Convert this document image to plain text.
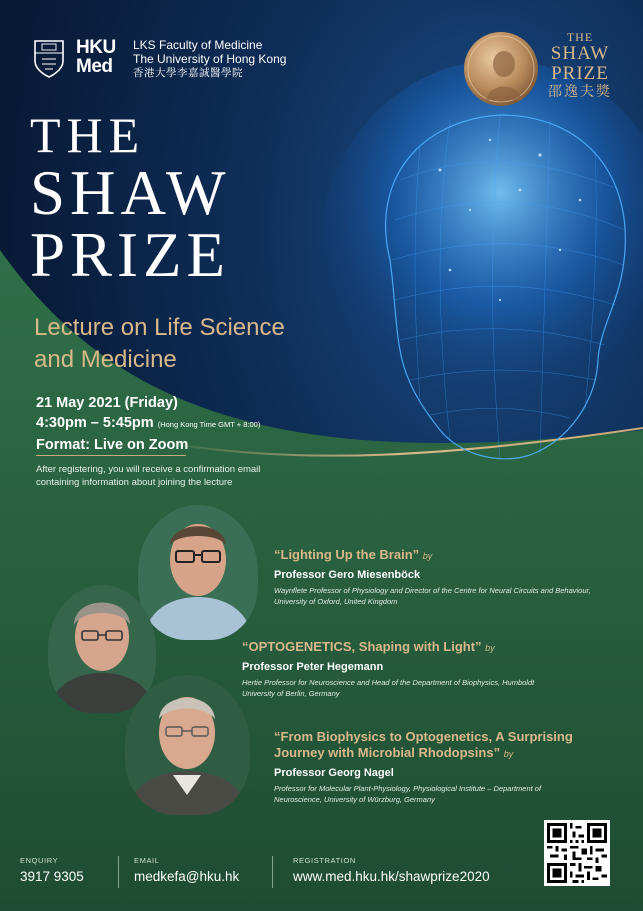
HKU
Med
LKS Faculty of Medicine
The University of Hong Kong
香港大學李嘉誠醫學院
THE
SHAW
PRIZE
邵逸夫獎
THE
SHAW
PRIZE
Lecture on Life Science
and Medicine
21 May 2021 (Friday)
4:30pm – 5:45pm (Hong Kong Time GMT + 8:00)
Format: Live on Zoom
After registering, you will receive a confirmation email containing information about joining the lecture
“Lighting Up the Brain” by
Professor Gero Miesenböck
Waynflete Professor of Physiology and Director of the Centre for Neural Circuits and Behaviour, University of Oxford, United Kingdom
“OPTOGENETICS, Shaping with Light” by
Professor Peter Hegemann
Hertie Professor for Neuroscience and Head of the Department of Biophysics, Humboldt University of Berlin, Germany
“From Biophysics to Optogenetics, A Surprising Journey with Microbial Rhodopsins” by
Professor Georg Nagel
Professor for Molecular Plant-Physiology, Physiological Institute – Department of Neuroscience, University of Würzburg, Germany
ENQUIRY
3917 9305
EMAIL
medkefa@hku.hk
REGISTRATION
www.med.hku.hk/shawprize2020
